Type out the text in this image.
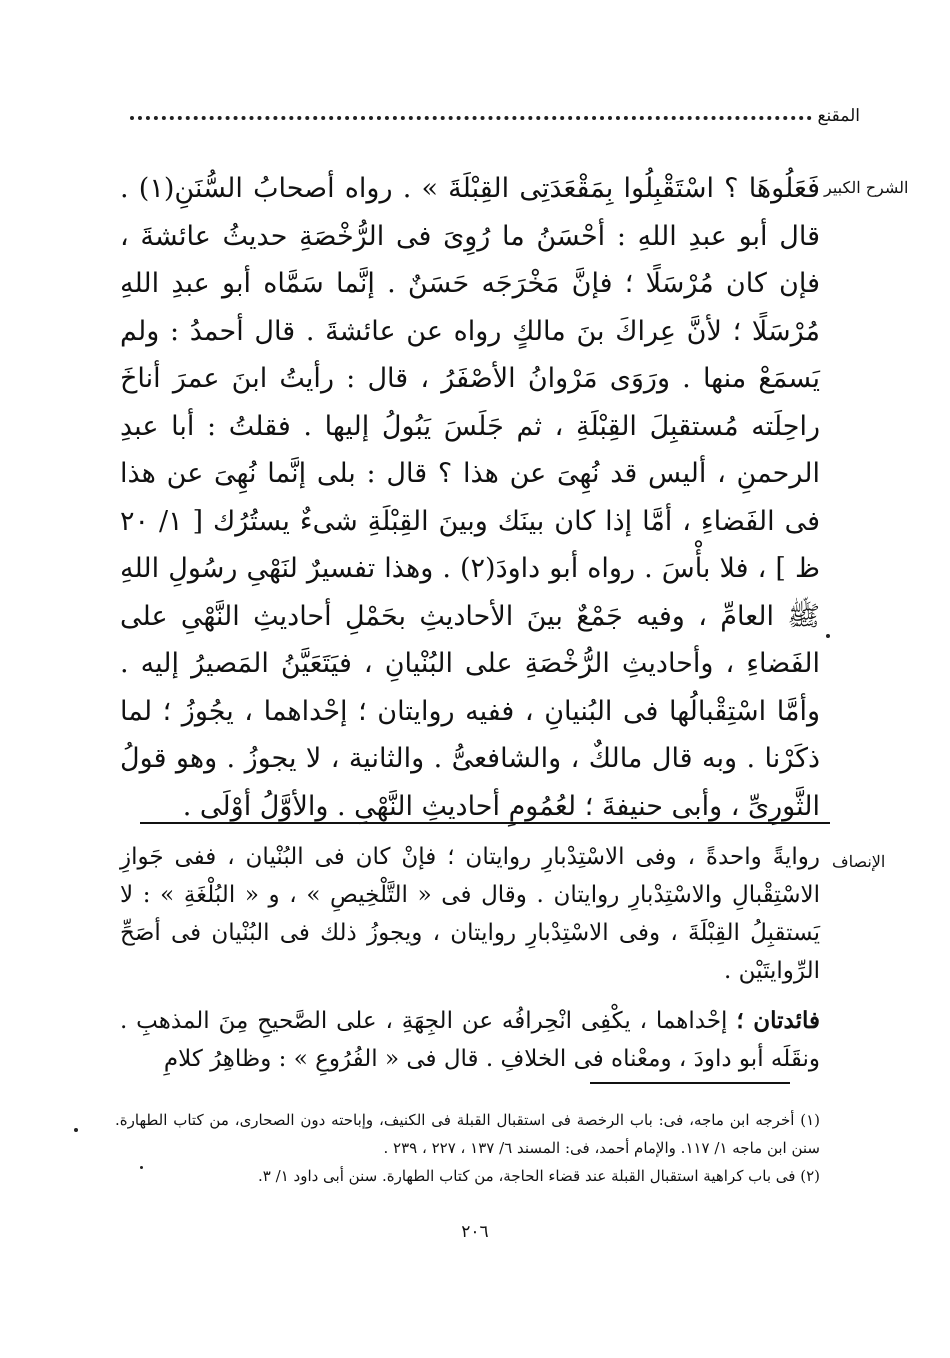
المقنع
الشرح الكبير
فَعَلُوهَا ؟ اسْتَقْبِلُوا بِمَقْعَدَتِى القِبْلَةَ » . رواه أصحابُ السُّنَنِ(١) . قال أبو عبدِ اللهِ : أحْسَنُ ما رُوِىَ فى الرُّخْصَةِ حديثُ عائشةَ ، فإن كان مُرْسَلًا ؛ فإنَّ مَخْرَجَه حَسَنٌ . إنَّما سَمَّاه أبو عبدِ اللهِ مُرْسَلًا ؛ لأنَّ عِراكَ بنَ مالكٍ رواه عن عائشةَ . قال أحمدُ : ولم يَسمَعْ منها . ورَوَى مَرْوانُ الأصْفَرُ ، قال : رأيتُ ابنَ عمرَ أناخَ راحِلَته مُستقبِلَ القِبْلَةِ ، ثم جَلَسَ يَبُولُ إليها . فقلتُ : أبا عبدِ الرحمنِ ، أليس قد نُهِىَ عن هذا ؟ قال : بلى إنَّما نُهِىَ عن هذا فى الفَضاءِ ، أمَّا إذا كان بينَك وبينَ القِبْلَةِ شىءٌ يستُرُك [ ١/ ٢٠ ظ ] ، فلا بأْسَ . رواه أبو داودَ(٢) . وهذا تفسيرٌ لنَهْىِ رسُولِ اللهِ ﷺ العامِّ ، وفيه جَمْعٌ بينَ الأحاديثِ بحَمْلِ أحاديثِ النَّهْىِ على الفَضاءِ ، وأحاديثِ الرُّخْصَةِ على البُنْيانِ ، فيَتَعَيَّنُ المَصيرُ إليه . وأمَّا اسْتِقْبالُها فى البُنيانِ ، ففيه روايتان ؛ إحْداهما ، يجُوزُ ؛ لما ذكَرْنا . وبه قال مالكٌ ، والشافعىُّ . والثانية ، لا يجوزُ . وهو قولُ الثَّورِىِّ ، وأبى حنيفةَ ؛ لعُمُومِ أحاديثِ النَّهْىِ . والأوَّلُ أوْلَى .
الإنصاف

روايةً واحدةً ، وفى الاسْتِدْبارِ روايتان ؛ فإنْ كان فى البُنْيان ، ففى جَوازِ الاسْتِقْبالِ والاسْتِدْبارِ روايتان . وقال فى « التَّلْخِيصِ » ، و « البُلْغَةِ » : لا يَستقبِلُ القِبْلَةَ ، وفى الاسْتِدْبارِ روايتان ، ويجوزُ ذلك فى البُنْيان فى أصَحِّ الرِّوايتَيْن .

فائدتان ؛ إحْداهما ، يكْفِى انْحِرافُه عن الجِهَةِ ، على الصَّحيحِ مِنَ المذهبِ . ونقَلَه أبو داودَ ، ومعْناه فى الخلافِ . قال فى « الفُرُوعِ » : وظاهِرُ كلامِ

(١) أخرجه ابن ماجه، فى: باب الرخصة فى استقبال القبلة فى الكنيف، وإباحته دون الصحارى، من كتاب الطهارة. سنن ابن ماجه ١/ ١١٧. والإمام أحمد، فى: المسند ٦/ ١٣٧ ، ٢٢٧ ، ٢٣٩ .

(٢) فى باب كراهية استقبال القبلة عند قضاء الحاجة، من كتاب الطهارة. سنن أبى داود ١/ ٣.

٢٠٦
